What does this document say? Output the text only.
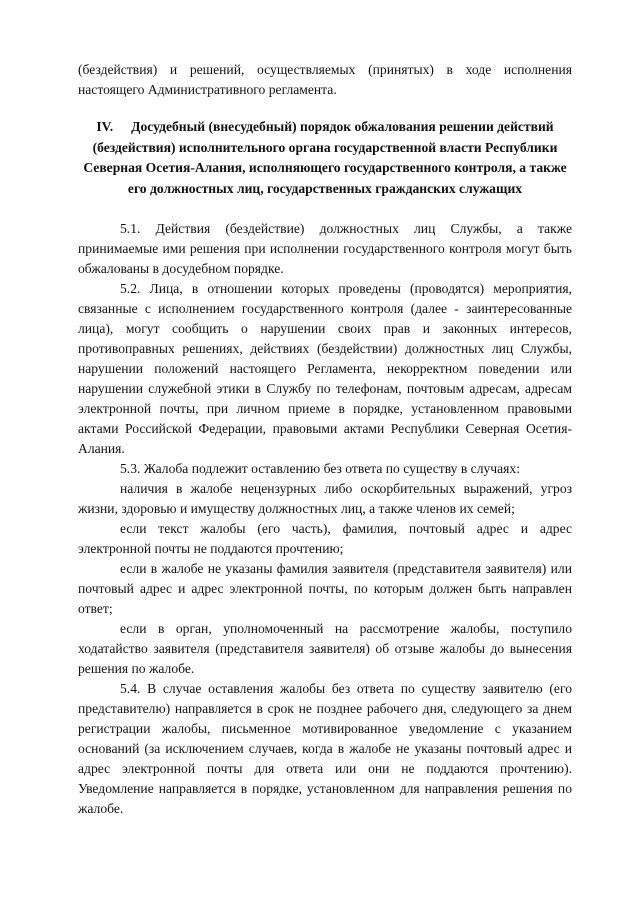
(бездействия) и решений, осуществляемых (принятых) в ходе исполнения настоящего Административного регламента.

IV. Досудебный (внесудебный) порядок обжалования решении действий (бездействия) исполнительного органа государственной власти Республики Северная Осетия-Алания, исполняющего государственного контроля, а также его должностных лиц, государственных гражданских служащих

5.1. Действия (бездействие) должностных лиц Службы, а также принимаемые ими решения при исполнении государственного контроля могут быть обжалованы в досудебном порядке.

5.2. Лица, в отношении которых проведены (проводятся) мероприятия, связанные с исполнением государственного контроля (далее - заинтересованные лица), могут сообщить о нарушении своих прав и законных интересов, противоправных решениях, действиях (бездействии) должностных лиц Службы, нарушении положений настоящего Регламента, некорректном поведении или нарушении служебной этики в Службу по телефонам, почтовым адресам, адресам электронной почты, при личном приеме в порядке, установленном правовыми актами Российской Федерации, правовыми актами Республики Северная Осетия-Алания.

5.3. Жалоба подлежит оставлению без ответа по существу в случаях:

наличия в жалобе нецензурных либо оскорбительных выражений, угроз жизни, здоровью и имуществу должностных лиц, а также членов их семей;

если текст жалобы (его часть), фамилия, почтовый адрес и адрес электронной почты не поддаются прочтению;

если в жалобе не указаны фамилия заявителя (представителя заявителя) или почтовый адрес и адрес электронной почты, по которым должен быть направлен ответ;

если в орган, уполномоченный на рассмотрение жалобы, поступило ходатайство заявителя (представителя заявителя) об отзыве жалобы до вынесения решения по жалобе.

5.4. В случае оставления жалобы без ответа по существу заявителю (его представителю) направляется в срок не позднее рабочего дня, следующего за днем регистрации жалобы, письменное мотивированное уведомление с указанием оснований (за исключением случаев, когда в жалобе не указаны почтовый адрес и адрес электронной почты для ответа или они не поддаются прочтению). Уведомление направляется в порядке, установленном для направления решения по жалобе.
